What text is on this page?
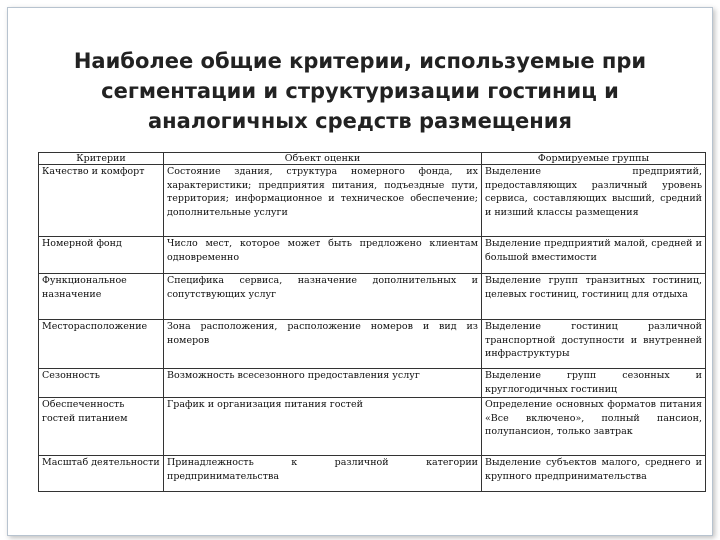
Наиболее общие критерии, используемые при сегментации и структуризации гостиниц и аналогичных средств размещения
Критерии	Объект оценки	Формируемые группы
Качество и комфорт	Состояние здания, структура номерного фонда, их характеристики; предприятия питания, подъездные пути, территория; информационное и техническое обеспечение; дополнительные услуги	Выделение предприятий, предоставляющих различный уровень сервиса, составляющих высший, средний и низший классы размещения
Номерной фонд	Число мест, которое может быть предложено клиентам одновременно	Выделение предприятий малой, средней и большой вместимости
Функциональное назначение	Специфика сервиса, назначение дополнительных и сопутствующих услуг	Выделение групп транзитных гостиниц, целевых гостиниц, гостиниц для отдыха
Месторасположение	Зона расположения, расположение номеров и вид из номеров	Выделение гостиниц различной транспортной доступности и внутренней инфраструктуры
Сезонность	Возможность всесезонного предоставления услуг	Выделение групп сезонных и круглогодичных гостиниц
Обеспеченность гостей питанием	График и организация питания гостей	Определение основных форматов питания «Все включено», полный пансион, полупансион, только завтрак
Масштаб деятельности	Принадлежность к различной категории предпринимательства	Выделение субъектов малого, среднего и крупного предпринимательства
